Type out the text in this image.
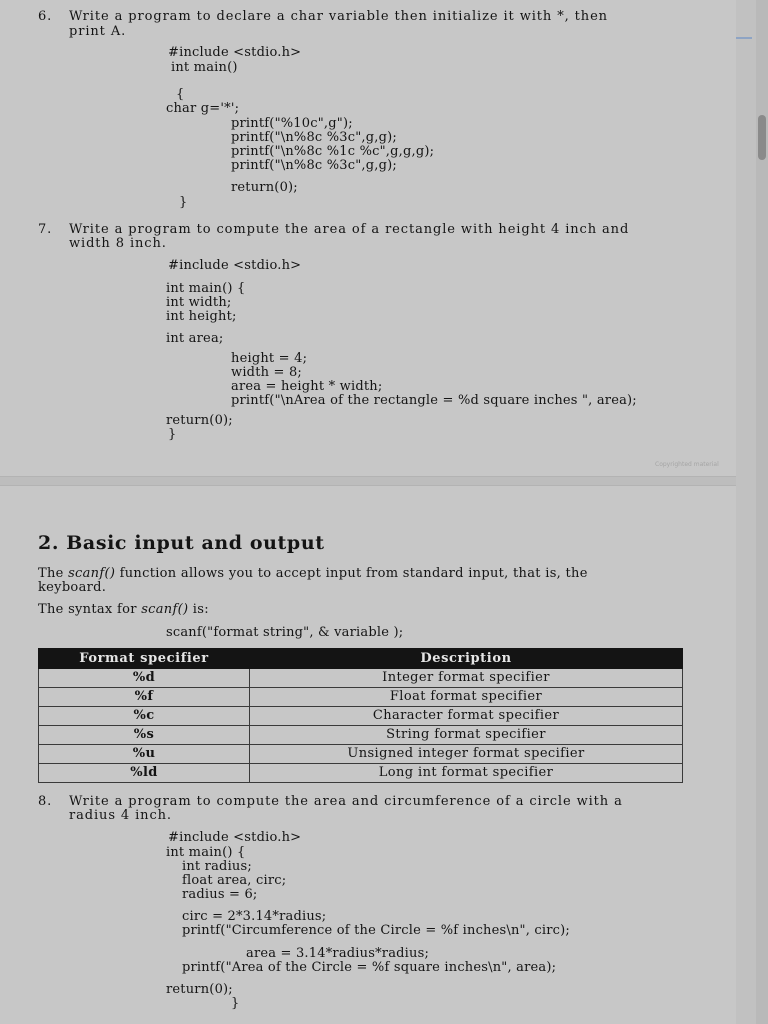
6. Write a program to declare a char variable then initialize it with *, then
print A.
#include <stdio.h>
int main()
{
char g='*';
printf("%10c",g");
printf("\n%8c %3c",g,g);
printf("\n%8c %1c %c",g,g,g);
printf("\n%8c %3c",g,g);
return(0);
}
7. Write a program to compute the area of a rectangle with height 4 inch and
width 8 inch.
#include <stdio.h>
int main() {
int width;
int height;
int area;
height = 4;
width = 8;
area = height * width;
printf("\nArea of the rectangle = %d square inches ", area);
return(0);
}
Copyrighted material
2. Basic input and output
The scanf() function allows you to accept input from standard input, that is, the
keyboard.
The syntax for scanf() is:
scanf("format string", & variable );
Format specifier	Description
%d	Integer format specifier
%f	Float format specifier
%c	Character format specifier
%s	String format specifier
%u	Unsigned integer format specifier
%ld	Long int format specifier
8. Write a program to compute the area and circumference of a circle with a
radius 4 inch.
#include <stdio.h>
int main() {
int radius;
float area, circ;
radius = 6;
circ = 2*3.14*radius;
printf("Circumference of the Circle = %f inches\n", circ);
area = 3.14*radius*radius;
printf("Area of the Circle = %f square inches\n", area);
return(0);
}
